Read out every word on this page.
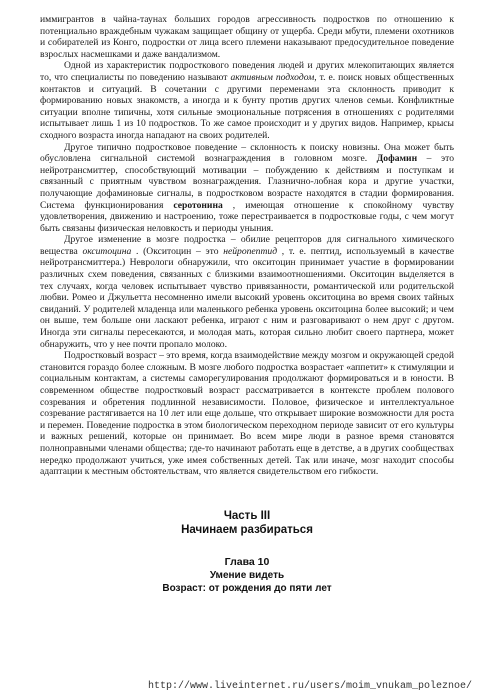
иммигрантов в чайна-таунах больших городов агрессивность подростков по отношению к потенциально враждебным чужакам защищает общину от ущерба. Среди мбути, племени охотников и собирателей из Конго, подростки от лица всего племени наказывают предосудительное поведение взрослых насмешками и даже вандализмом.

Одной из характеристик подросткового поведения людей и других млекопитающих является то, что специалисты по поведению называют активным подходом, т. е. поиск новых общественных контактов и ситуаций. В сочетании с другими переменами эта склонность приводит к формированию новых знакомств, а иногда и к бунту против других членов семьи. Конфликтные ситуации вполне типичны, хотя сильные эмоциональные потрясения в отношениях с родителями испытывает лишь 1 из 10 подростков. То же самое происходит и у других видов. Например, крысы сходного возраста иногда нападают на своих родителей.

Другое типично подростковое поведение – склонность к поиску новизны. Она может быть обусловлена сигнальной системой вознаграждения в головном мозге. Дофамин – это нейротрансмиттер, способствующий мотивации – побуждению к действиям и поступкам и связанный с приятным чувством вознаграждения. Глазнично-лобная кора и другие участки, получающие дофаминовые сигналы, в подростковом возрасте находятся в стадии формирования. Система функционирования серотонина , имеющая отношение к спокойному чувству удовлетворения, движению и настроению, тоже перестраивается в подростковые годы, с чем могут быть связаны физическая неловкость и периоды уныния.

Другое изменение в мозге подростка – обилие рецепторов для сигнального химического вещества окситоцина . (Окситоцин – это нейропептид , т. е. пептид, используемый в качестве нейротрансмиттера.) Неврологи обнаружили, что окситоцин принимает участие в формировании различных схем поведения, связанных с близкими взаимоотношениями. Окситоцин выделяется в тех случаях, когда человек испытывает чувство привязанности, романтической или родительской любви. Ромео и Джульетта несомненно имели высокий уровень окситоцина во время своих тайных свиданий. У родителей младенца или маленького ребенка уровень окситоцина более высокий; и чем он выше, тем больше они ласкают ребенка, играют с ним и разговаривают о нем друг с другом. Иногда эти сигналы пересекаются, и молодая мать, которая сильно любит своего партнера, может обнаружить, что у нее почти пропало молоко.

Подростковый возраст – это время, когда взаимодействие между мозгом и окружающей средой становится гораздо более сложным. В мозге любого подростка возрастает «аппетит» к стимуляции и социальным контактам, а системы саморегулирования продолжают формироваться и в юности. В современном обществе подростковый возраст рассматривается в контексте проблем полового созревания и обретения подлинной независимости. Половое, физическое и интеллектуальное созревание растягивается на 10 лет или еще дольше, что открывает широкие возможности для роста и перемен. Поведение подростка в этом биологическом переходном периоде зависит от его культуры и важных решений, которые он принимает. Во всем мире люди в разное время становятся полноправными членами общества; где-то начинают работать еще в детстве, а в других сообществах нередко продолжают учиться, уже имея собственных детей. Так или иначе, мозг находит способы адаптации к местным обстоятельствам, что является свидетельством его гибкости.

Часть III
Начинаем разбираться
Глава 10
Умение видеть
Возраст: от рождения до пяти лет
http://www.liveinternet.ru/users/moim_vnukam_poleznoe/
